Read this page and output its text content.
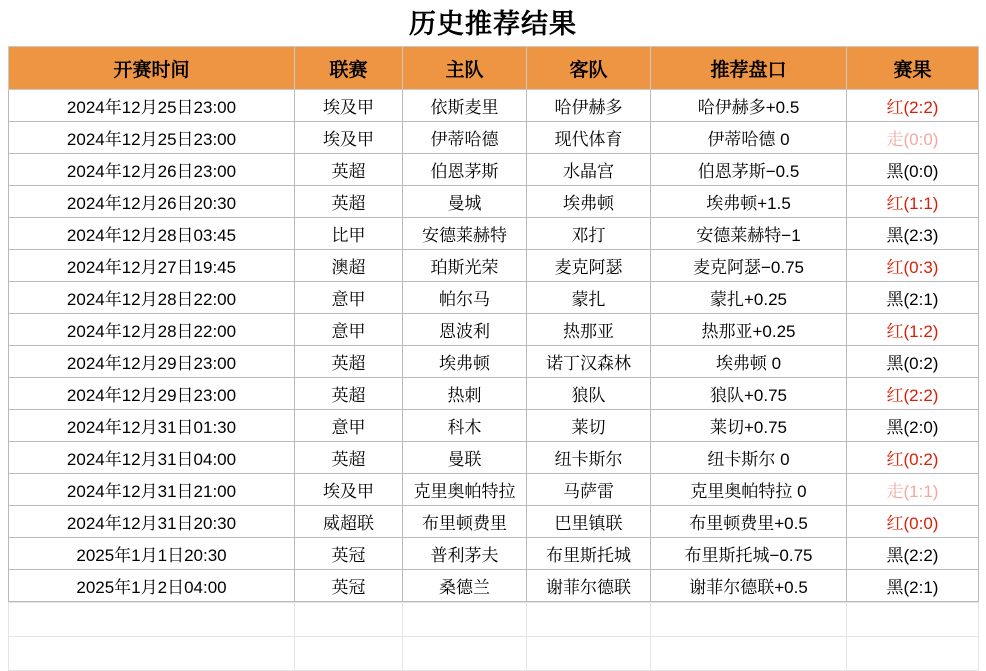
历史推荐结果
开赛时间	联赛	主队	客队	推荐盘口	赛果
2024年12月25日23:00	埃及甲	依斯麦里	哈伊赫多	哈伊赫多+0.5	红(2:2)
2024年12月25日23:00	埃及甲	伊蒂哈德	现代体育	伊蒂哈德 0	走(0:0)
2024年12月26日23:00	英超	伯恩茅斯	水晶宫	伯恩茅斯−0.5	黑(0:0)
2024年12月26日20:30	英超	曼城	埃弗顿	埃弗顿+1.5	红(1:1)
2024年12月28日03:45	比甲	安德莱赫特	邓打	安德莱赫特−1	黑(2:3)
2024年12月27日19:45	澳超	珀斯光荣	麦克阿瑟	麦克阿瑟−0.75	红(0:3)
2024年12月28日22:00	意甲	帕尔马	蒙扎	蒙扎+0.25	黑(2:1)
2024年12月28日22:00	意甲	恩波利	热那亚	热那亚+0.25	红(1:2)
2024年12月29日23:00	英超	埃弗顿	诺丁汉森林	埃弗顿 0	黑(0:2)
2024年12月29日23:00	英超	热刺	狼队	狼队+0.75	红(2:2)
2024年12月31日01:30	意甲	科木	莱切	莱切+0.75	黑(2:0)
2024年12月31日04:00	英超	曼联	纽卡斯尔	纽卡斯尔 0	红(0:2)
2024年12月31日21:00	埃及甲	克里奥帕特拉	马萨雷	克里奥帕特拉 0	走(1:1)
2024年12月31日20:30	威超联	布里顿费里	巴里镇联	布里顿费里+0.5	红(0:0)
2025年1月1日20:30	英冠	普利茅夫	布里斯托城	布里斯托城−0.75	黑(2:2)
2025年1月2日04:00	英冠	桑德兰	谢菲尔德联	谢菲尔德联+0.5	黑(2:1)
